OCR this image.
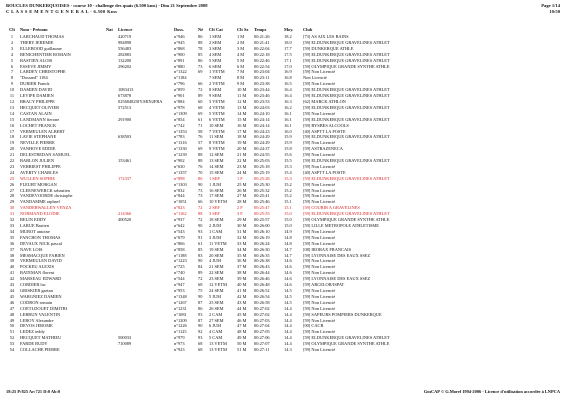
BOUCLES DUNKERQUOISES - course 10 - challenge des quais (6.500 kms) - Dim 21 Septembre 2008
C L A S S E M E N T G E N E R A L - 6.500 Kms
Page 1/14
10:50
Clt	Nom - Prénom	Nat	Licence	Doss.	Né	Clt Cat	Clt Sx	Temps	Moy.	Club
1	LARCHAUD THOMAS		420719	n°946	86	1 SEM	1 M	00:21:26	18.2	[73] AS AIX LES BAINS
2	THERY JEREMIE		984898	n°945	88	2 SEM	2 M	00:21:41	18.0	[59] ELDUNKERQUE GRAVELINES ATHLET
3	ELLEBOOD guillaume		556483	n°868	78	3 SEM	3 M	00:22:04	17.7	[59] DUNKERQUE ATHLE
4	BENICHENTIER ROMAIN		282883	n°900	85	4 SEM	4 M	00:22:18	17.5	[59] ELDUNKERQUE GRAVELINES ATHLET
5	BASTIEN ALOIS		132200	n°891	86	5 SEM	5 M	00:22:46	17.1	[59] ELDUNKERQUE GRAVELINES ATHLET
6	ESSEVE JIMMY		296202	n°880	73	6 SEM	6 M	00:22:54	17.0	[59] OLYMPIQUE GRANDE SYNTHE ATHLE
7	LARDEY CHRISTOPHE			n°1322	69	1 VETM	7 M	00:23:04	16.9	[59] Non Licencié
8	"Dossard" 1184			n°1184		7 SEM	8 M	00:23:11	16.8	Non Licencié
9	DURIER Franck			n°796	66	2 VETM	9 M	00:23:38	16.5	[59] Non Licencié
10	DAMIEN DAVID		1083413	n°859	72	8 SEM	10 M	00:23:44	16.4	[59] ELDUNKERQUE GRAVELINES ATHLET
11	LEVIPE DAMIEN		673878	n°901	89	9 SEM	11 M	00:23:46	16.4	[59] ELDUNKERQUE GRAVELINES ATHLET
12	BRACY PHILIPPE		025684829JY.MIN2FRA	n°884	60	3 VETM	12 M	00:23:53	16.3	[62] MARCK ATHLON
13	HECQUET OLIVIER		572513	n°978	68	4 VETM	13 M	00:24:03	16.2	[59] ELDUNKERQUE GRAVELINES ATHLET
14	CASTAN ALAIN			n°1309	69	5 VETM	14 M	00:24:10	16.1	[59] Non Licencié
15	LANDMANN fierone		291900	n°854	61	6 VETM	15 M	00:24:14	16.1	[59] ELDUNKERQUE GRAVELINES ATHLET
16	LOCHET FRANCK			n°742	71	10 SEM	16 M	00:24:14	16.1	[59] RYSBES ALCOOLS
17	VERMEULEN ALBERT			n°1353	58	7 VETM	17 M	00:24:23	16.0	[40] ASPTT LA POSTE
18	LAVIE STEPHANE		638503	n°783	76	11 SEM	18 M	00:24:29	15.9	[59] ELDUNKERQUE GRAVELINES ATHLET
19	NEVILLE PIERRE			n°1316	57	8 VETM	19 M	00:24:29	15.9	[59] Non Licencié
20	VANHOVE EDDIE			n°1330	69	9 VETM	20 M	00:24:37	15.8	[59] ASTRAZENECA
21	DELESTREDAN SAMUEL			n°1239	88	12 SEM	21 M	00:24:55	15.6	[59] Non Licencié
22	BARLON JULIEN		153461	n°902	88	13 SEM	22 M	00:25:03	15.5	[59] ELDUNKERQUE GRAVELINES ATHLET
23	VERRIEST PHILIPPE			n°630	76	14 SEM	23 M	00:25:18	15.3	[59] Non Licencié
24	AVERTY CHARLES			n°1357	70	15 SEM	24 M	00:25:19	15.4	[40] ASPTT LA POSTE
25	WULLEN SOPHIE		172337	n°898	86	1 SEF	1 F	00:25:28	15.3	[59] ELDUNKERQUE GRAVELINES ATHLET
26	FLEURT MORGAN			n°1303	90	1 JUM	25 M	00:25:30	15.2	[59] Non Licencié
27	CLEENEWERCK sebastien			n°832	73	16 SEM	26 M	00:25:32	15.2	[59] Non Licencié
28	VANDEVOORDE christophe			n°844	73	17 SEM	27 M	00:25:41	15.2	[59] Non Licencié
29	VANDAMME raphael			n°1051	66	10 VETM	28 M	00:25:46	15.1	[59] Non Licencié
30	VANDERWALLEN VENZA			n°823	72	2 SEF	2 F	00:25:47	15.1	[59] COURIR A GRAVELINES
31	NORMAND ELODIE		214366	n°1162	88	3 SEF	3 F	00:25:55	15.0	[59] ELDUNKERQUE GRAVELINES ATHLET
32	BELIN EDDY		400520	n°937	72	18 SEM	29 M	00:25:57	15.0	[59] OLYMPIQUE GRANDE SYNTHE ATHLE
33	LARUE Bastien			n°642	90	2 JUM	30 M	00:26:00	15.0	[59] LILLE METROPOLE ATHLETISME
34	MUROT antoine			n°543	93	1 CAM	31 M	00:26:10	14.9	[59] Non Licencié
35	FANCHON THOMAS			n°679	91	3 JUM	32 M	00:26:19	14.8	[59] Non Licencié
36	DEVAUX NICK pascal			n°866	61	11 VETM	33 M	00:26:24	14.8	[59] Non Licencié
37	NAVE LOIS			n°858	85	19 SEM	34 M	00:26:30	14.7	[08] IRORAX FRANCAIS
38	MESMACQUE FABIEN			n°1188	83	20 SEM	35 M	00:26:35	14.7	[59] LYONNAISE DES EAUX SSEZ
39	VERMEULEN DAVID			n°1223	90	4 JUM	36 M	00:26:38	14.6	[59] Non Licencié
40	POCKEU ALEXIS			n°725	84	21 SEM	37 M	00:26:43	14.6	[59] Non Licencié
41	BATEMAN florent			n°740	89	22 SEM	38 M	00:26:44	14.6	[59] Non Licencié
42	MARSEAU EDWARD			n°544	72	23 SEM	39 M	00:26:46	14.6	[59] LYONNAISE DES EAUX SSEZ
43	CORDIER luc			n°947	68	12 VETM	40 M	00:26:48	14.6	[59] ARCELOR/ISPAT
44	GRISKIER gaetan			n°953	75	24 SEM	41 M	00:26:52	14.5	[59] Non Licencié
45	WARGNIEZ DAMIEN			n°1348	90	5 JUM	42 M	00:26:54	14.5	[59] Non Licencié
46	CODRON romain			n°1267	87	25 SEM	43 M	00:26:58	14.5	[59] Non Licencié
47	COETLDOUET DIMITRI			n°1231	86	26 SEM	44 M	00:27:02	14.4	[59] Non Licencié
48	LEBRUN VALENTIN			n°1081	93	2 CAM	45 M	00:27:02	14.4	[59] SAPEURS POMPIERS DUNKERQUE
49	LEROY Alexandre			n°1209	87	27 SEM	46 M	00:27:03	14.4	[59] Non Licencié
50	DEVOS JEROME			n°1226	90	6 JUM	47 M	00:27:04	14.4	[00] CACB
51	LEDEZ teddy			n°1125	92	4 CAM	48 M	00:27:05	14.4	[59] Non Licencié
52	HECQUET MATHIEU		500033	n°979	93	5 CAM	49 M	00:27:06	14.4	[59] ELDUNKERQUE GRAVELINES ATHLET
53	FARDE RUDY		710089	n°973	68	13 VETM	50 M	00:27:07	14.4	[59] OLYMPIQUE GRANDE SYNTHE ATHLE
54	COLLACHE PIERRE			n°923	68	13 VETM	51 M	00:27:11	14.3	[59] Non Licencié
18:25 P:825 Ar:721 D:0 Ab:0	GmCAP © G.Morel 1994-2006 - Licence d'utilisation accordée à LNPCA
